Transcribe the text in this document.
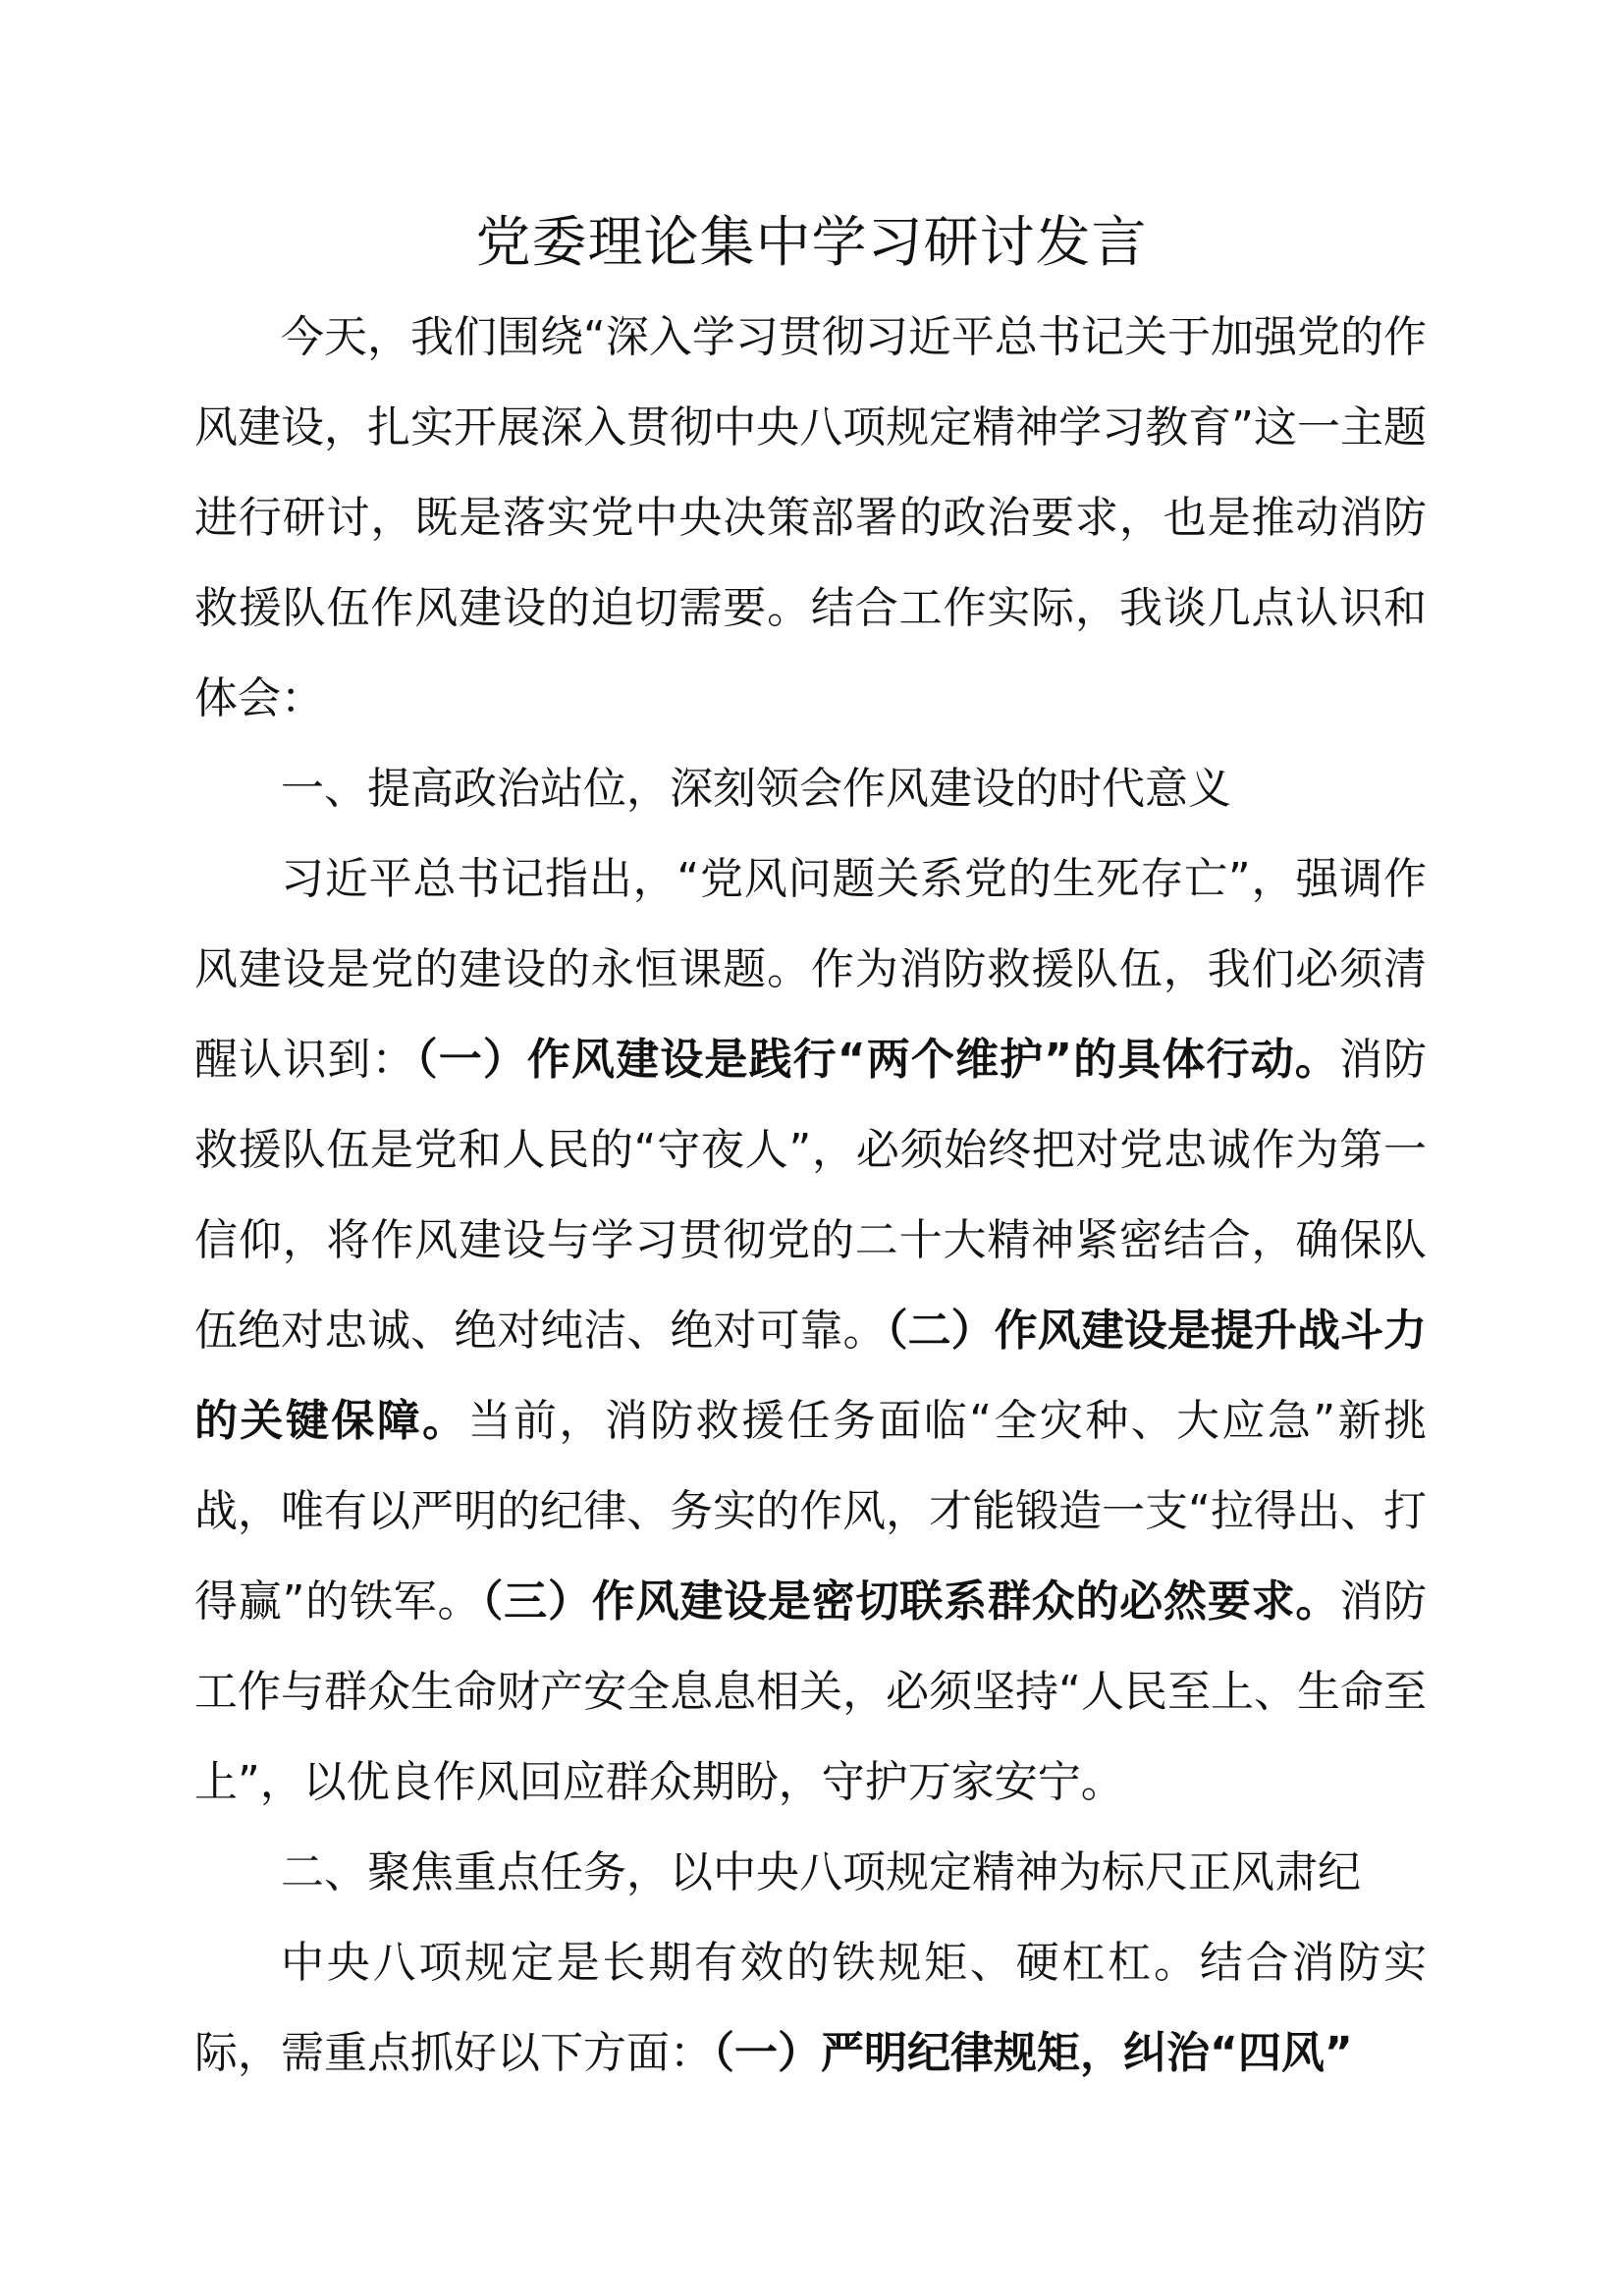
党委理论集中学习研讨发言

今天，我们围绕“深入学习贯彻习近平总书记关于加强党的作风建设，扎实开展深入贯彻中央八项规定精神学习教育”这一主题进行研讨，既是落实党中央决策部署的政治要求，也是推动消防救援队伍作风建设的迫切需要。结合工作实际，我谈几点认识和体会：

一、提高政治站位，深刻领会作风建设的时代意义

习近平总书记指出，“党风问题关系党的生死存亡”，强调作风建设是党的建设的永恒课题。作为消防救援队伍，我们必须清醒认识到：（一）作风建设是践行“两个维护”的具体行动。消防救援队伍是党和人民的“守夜人”，必须始终把对党忠诚作为第一信仰，将作风建设与学习贯彻党的二十大精神紧密结合，确保队伍绝对忠诚、绝对纯洁、绝对可靠。（二）作风建设是提升战斗力的关键保障。当前，消防救援任务面临“全灾种、大应急”新挑战，唯有以严明的纪律、务实的作风，才能锻造一支“拉得出、打得赢”的铁军。（三）作风建设是密切联系群众的必然要求。消防工作与群众生命财产安全息息相关，必须坚持“人民至上、生命至上”，以优良作风回应群众期盼，守护万家安宁。

二、聚焦重点任务，以中央八项规定精神为标尺正风肃纪

中央八项规定是长期有效的铁规矩、硬杠杠。结合消防实际，需重点抓好以下方面：（一）严明纪律规矩，纠治“四风”
